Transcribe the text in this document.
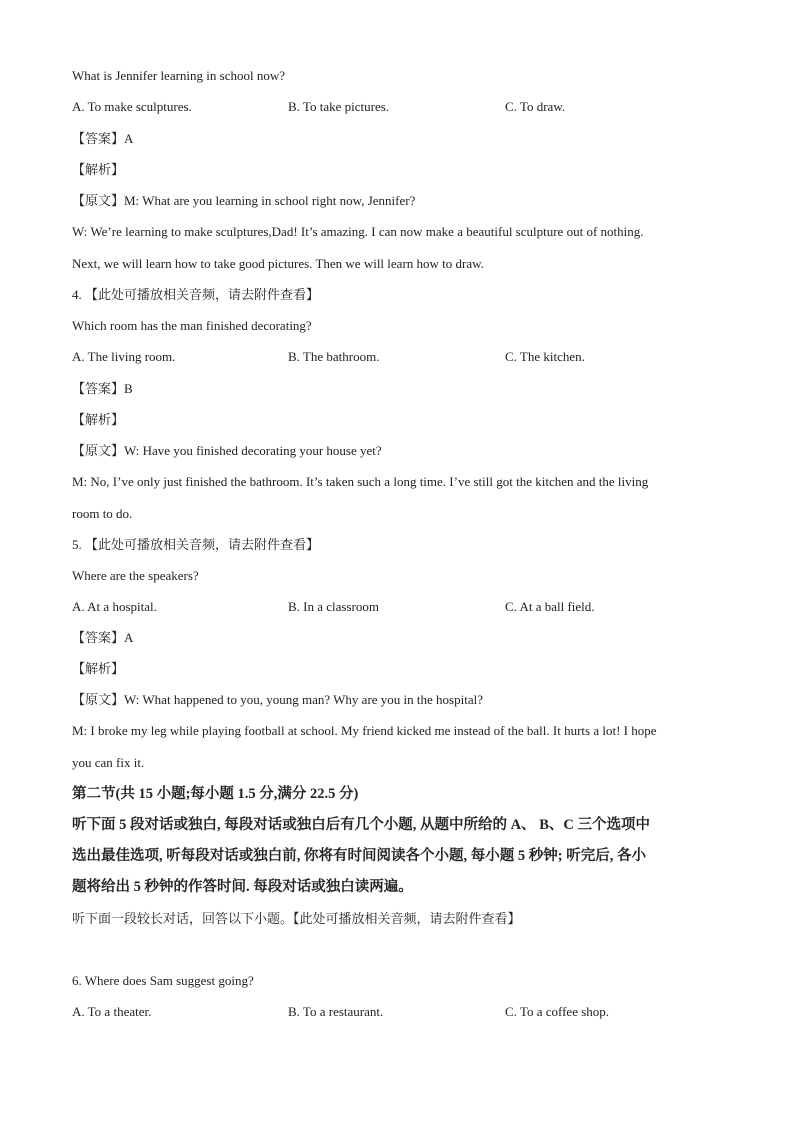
What is Jennifer learning in school now?
A. To make sculptures.	B. To take pictures.	C. To draw.
【答案】A
【解析】
【原文】M: What are you learning in school right now, Jennifer?
W: We’re learning to make sculptures,Dad! It’s amazing. I can now make a beautiful sculpture out of nothing.
Next, we will learn how to take good pictures. Then we will learn how to draw.
4. 【此处可播放相关音频，请去附件查看】
Which room has the man finished decorating?
A. The living room.	B. The bathroom.	C. The kitchen.
【答案】B
【解析】
【原文】W: Have you finished decorating your house yet?
M: No, I’ve only just finished the bathroom. It’s taken such a long time. I’ve still got the kitchen and the living
room to do.
5. 【此处可播放相关音频，请去附件查看】
Where are the speakers?
A. At a hospital.	B. In a classroom	C. At a ball field.
【答案】A
【解析】
【原文】W: What happened to you, young man? Why are you in the hospital?
M: I broke my leg while playing football at school. My friend kicked me instead of the ball. It hurts a lot! I hope
you can fix it.
第二节(共 15 小题;每小题 1.5 分,满分 22.5 分)
听下面 5 段对话或独白, 每段对话或独白后有几个小题, 从题中所给的 A、 B、C 三个选项中
选出最佳选项, 听每段对话或独白前, 你将有时间阅读各个小题, 每小题 5 秒钟; 听完后, 各小
题将给出 5 秒钟的作答时间. 每段对话或独白读两遍。
听下面一段较长对话，回答以下小题。【此处可播放相关音频，请去附件查看】
6. Where does Sam suggest going?
A. To a theater.	B. To a restaurant.	C. To a coffee shop.
